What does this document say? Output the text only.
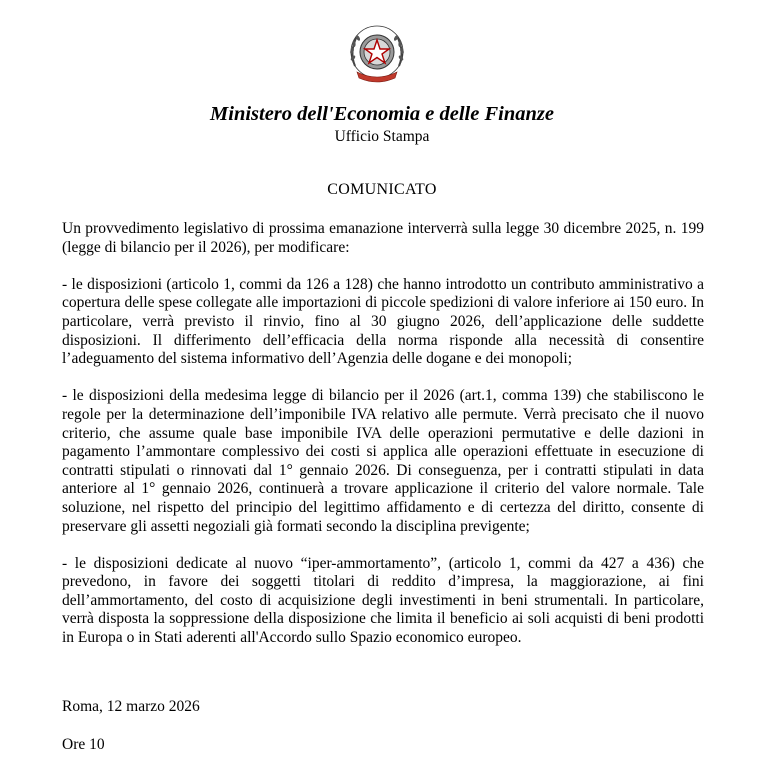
Ministero dell'Economia e delle Finanze
Ufficio Stampa
COMUNICATO

Un provvedimento legislativo di prossima emanazione interverrà sulla legge 30 dicembre 2025, n. 199 (legge di bilancio per il 2026), per modificare:

- le disposizioni (articolo 1, commi da 126 a 128) che hanno introdotto un contributo amministrativo a copertura delle spese collegate alle importazioni di piccole spedizioni di valore inferiore ai 150 euro. In particolare, verrà previsto il rinvio, fino al 30 giugno 2026, dell’applicazione delle suddette disposizioni. Il differimento dell’efficacia della norma risponde alla necessità di consentire l’adeguamento del sistema informativo dell’Agenzia delle dogane e dei monopoli;

- le disposizioni della medesima legge di bilancio per il 2026 (art.1, comma 139) che stabiliscono le regole per la determinazione dell’imponibile IVA relativo alle permute. Verrà precisato che il nuovo criterio, che assume quale base imponibile IVA delle operazioni permutative e delle dazioni in pagamento l’ammontare complessivo dei costi si applica alle operazioni effettuate in esecuzione di contratti stipulati o rinnovati dal 1° gennaio 2026. Di conseguenza, per i contratti stipulati in data anteriore al 1° gennaio 2026, continuerà a trovare applicazione il criterio del valore normale. Tale soluzione, nel rispetto del principio del legittimo affidamento e di certezza del diritto, consente di preservare gli assetti negoziali già formati secondo la disciplina previgente;

- le disposizioni dedicate al nuovo “iper-ammortamento”, (articolo 1, commi da 427 a 436) che prevedono, in favore dei soggetti titolari di reddito d’impresa, la maggiorazione, ai fini dell’ammortamento, del costo di acquisizione degli investimenti in beni strumentali. In particolare, verrà disposta la soppressione della disposizione che limita il beneficio ai soli acquisti di beni prodotti in Europa o in Stati aderenti all'Accordo sullo Spazio economico europeo.

Roma, 12 marzo 2026
Ore 10
